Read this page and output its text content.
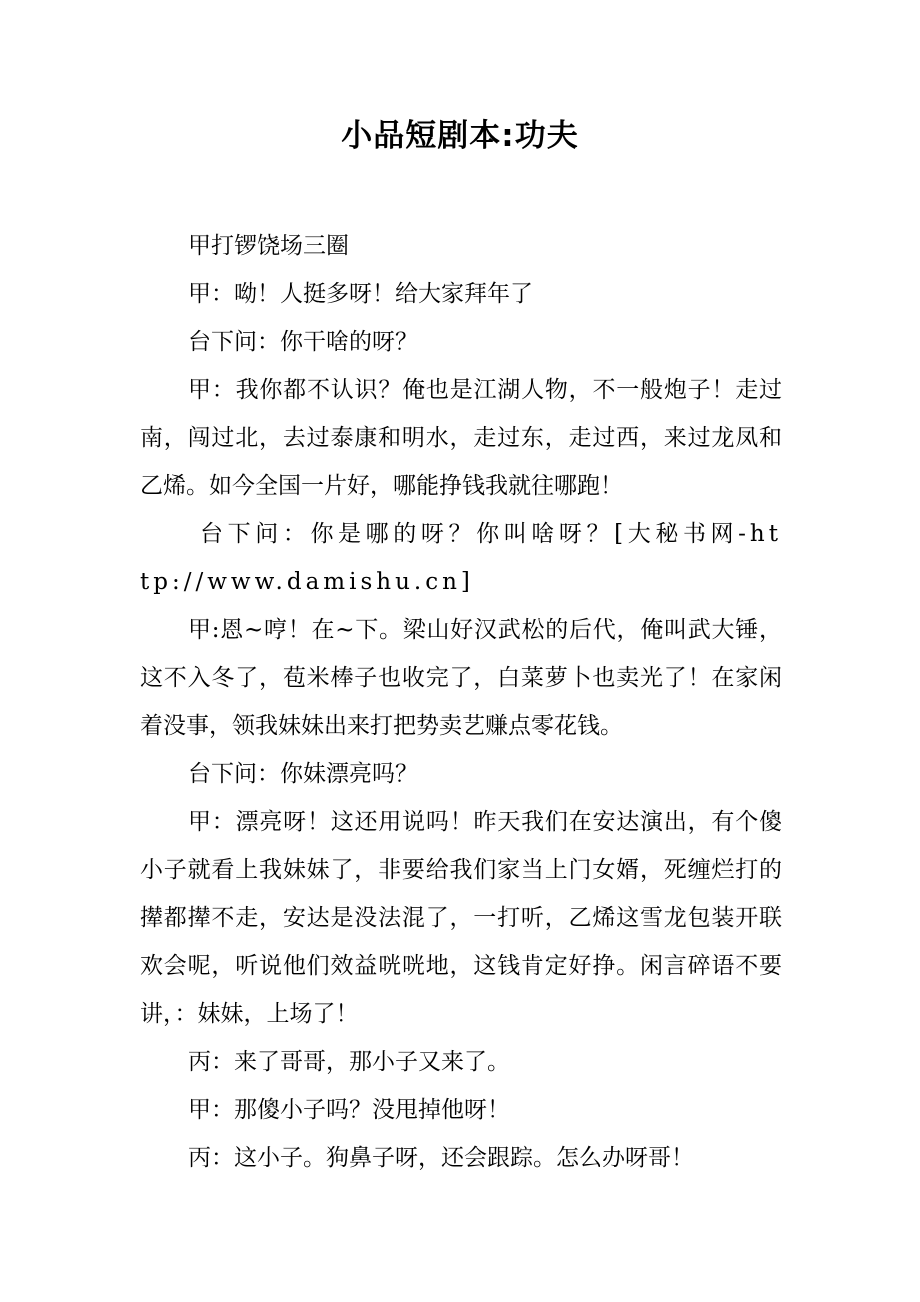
小品短剧本:功夫

甲打锣饶场三圈

甲：呦！人挺多呀！给大家拜年了

台下问：你干啥的呀？

甲：我你都不认识？俺也是江湖人物，不一般炮子！走过南，闯过北，去过泰康和明水，走过东，走过西，来过龙凤和乙烯。如今全国一片好，哪能挣钱我就往哪跑！

台下问：你是哪的呀？你叫啥呀？[大秘书网-http://www.damishu.cn]

甲:恩~哼！在~下。梁山好汉武松的后代，俺叫武大锤，这不入冬了，苞米棒子也收完了，白菜萝卜也卖光了！在家闲着没事，领我妹妹出来打把势卖艺赚点零花钱。

台下问：你妹漂亮吗？

甲：漂亮呀！这还用说吗！昨天我们在安达演出，有个傻小子就看上我妹妹了，非要给我们家当上门女婿，死缠烂打的撵都撵不走，安达是没法混了，一打听，乙烯这雪龙包装开联欢会呢，听说他们效益咣咣地，这钱肯定好挣。闲言碎语不要讲，：妹妹，上场了！

丙：来了哥哥，那小子又来了。

甲：那傻小子吗？没甩掉他呀！

丙：这小子。狗鼻子呀，还会跟踪。怎么办呀哥！
